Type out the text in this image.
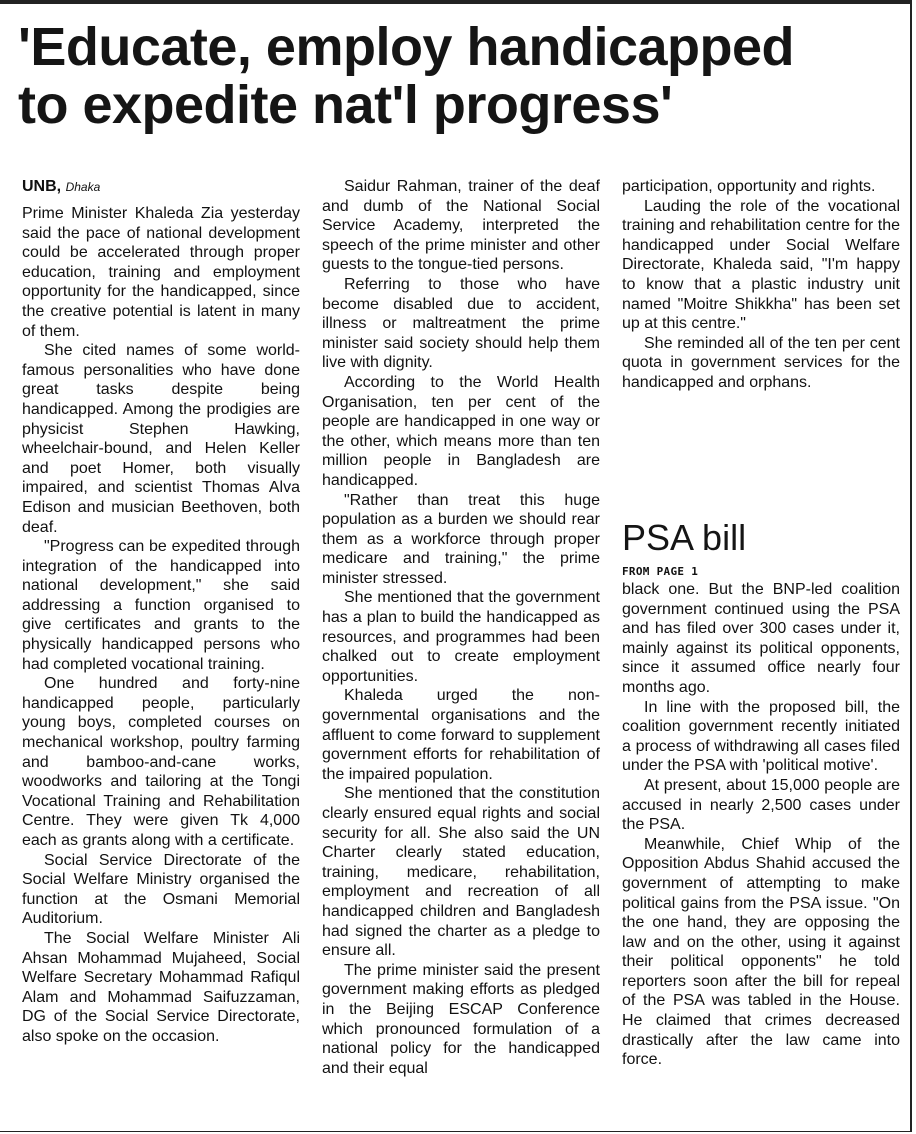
'Educate, employ handicapped
to expedite nat'l progress'
UNB, Dhaka

Prime Minister Khaleda Zia yesterday said the pace of national development could be accelerated through proper education, training and employment opportunity for the handicapped, since the creative potential is latent in many of them.

She cited names of some world-famous personalities who have done great tasks despite being handicapped. Among the prodigies are physicist Stephen Hawking, wheelchair-bound, and Helen Keller and poet Homer, both visually impaired, and scientist Thomas Alva Edison and musician Beethoven, both deaf.

"Progress can be expedited through integration of the handicapped into national development," she said addressing a function organised to give certificates and grants to the physically handicapped persons who had completed vocational training.

One hundred and forty-nine handicapped people, particularly young boys, completed courses on mechanical workshop, poultry farming and bamboo-and-cane works, woodworks and tailoring at the Tongi Vocational Training and Rehabilitation Centre. They were given Tk 4,000 each as grants along with a certificate.

Social Service Directorate of the Social Welfare Ministry organised the function at the Osmani Memorial Auditorium.

The Social Welfare Minister Ali Ahsan Mohammad Mujaheed, Social Welfare Secretary Mohammad Rafiqul Alam and Mohammad Saifuzzaman, DG of the Social Service Directorate, also spoke on the occasion.

Saidur Rahman, trainer of the deaf and dumb of the National Social Service Academy, interpreted the speech of the prime minister and other guests to the tongue-tied persons.

Referring to those who have become disabled due to accident, illness or maltreatment the prime minister said society should help them live with dignity.

According to the World Health Organisation, ten per cent of the people are handicapped in one way or the other, which means more than ten million people in Bangladesh are handicapped.

"Rather than treat this huge population as a burden we should rear them as a workforce through proper medicare and training," the prime minister stressed.

She mentioned that the government has a plan to build the handicapped as resources, and programmes had been chalked out to create employment opportunities.

Khaleda urged the non-governmental organisations and the affluent to come forward to supplement government efforts for rehabilitation of the impaired population.

She mentioned that the constitution clearly ensured equal rights and social security for all. She also said the UN Charter clearly stated education, training, medicare, rehabilitation, employment and recreation of all handicapped children and Bangladesh had signed the charter as a pledge to ensure all.

The prime minister said the present government making efforts as pledged in the Beijing ESCAP Conference which pronounced formulation of a national policy for the handicapped and their equal

participation, opportunity and rights.

Lauding the role of the vocational training and rehabilitation centre for the handicapped under Social Welfare Directorate, Khaleda said, "I'm happy to know that a plastic industry unit named "Moitre Shikkha" has been set up at this centre."

She reminded all of the ten per cent quota in government services for the handicapped and orphans.

PSA bill
FROM PAGE 1

black one. But the BNP-led coalition government continued using the PSA and has filed over 300 cases under it, mainly against its political opponents, since it assumed office nearly four months ago.

In line with the proposed bill, the coalition government recently initiated a process of withdrawing all cases filed under the PSA with 'political motive'.

At present, about 15,000 people are accused in nearly 2,500 cases under the PSA.

Meanwhile, Chief Whip of the Opposition Abdus Shahid accused the government of attempting to make political gains from the PSA issue. "On the one hand, they are opposing the law and on the other, using it against their political opponents" he told reporters soon after the bill for repeal of the PSA was tabled in the House. He claimed that crimes decreased drastically after the law came into force.
